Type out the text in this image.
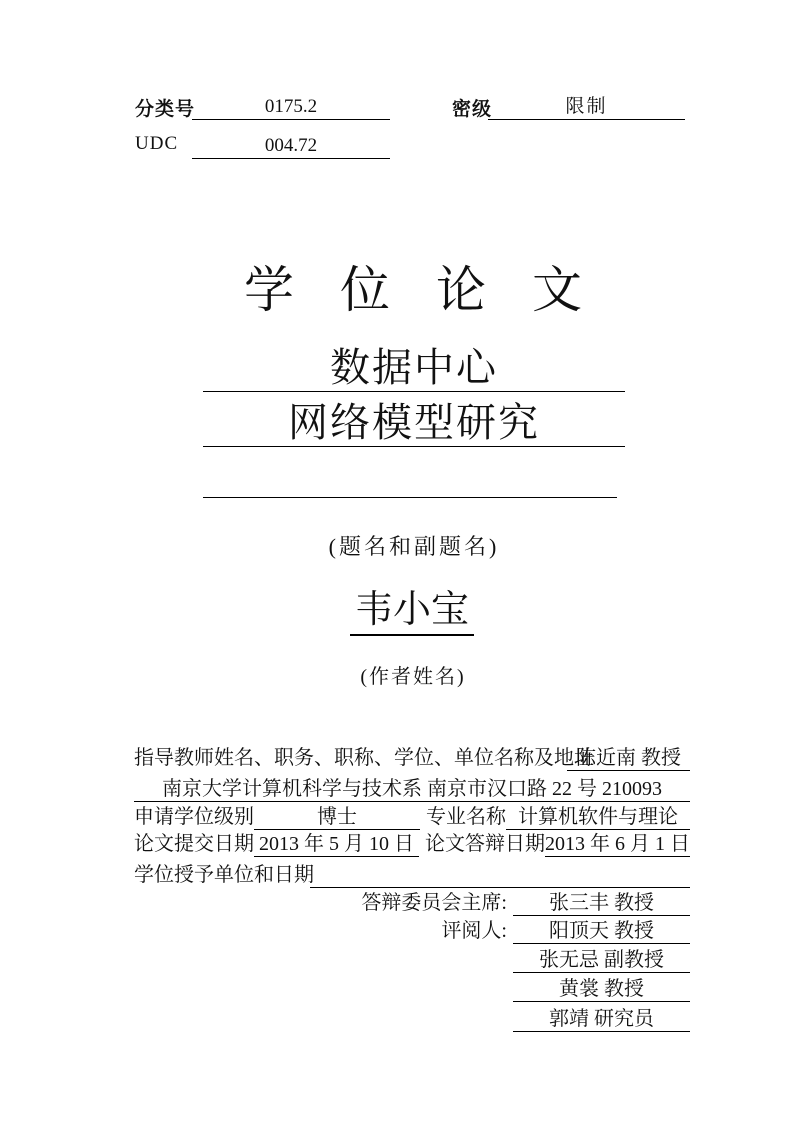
分类号	0175.2	密级	限制
UDC	004.72
学位论文
数据中心
网络模型研究
(题名和副题名)
韦小宝
(作者姓名)
指导教师姓名、职务、职称、学位、单位名称及地址
陈近南 教授
南京大学计算机科学与技术系 南京市汉口路 22 号 210093
申请学位级别	博士	专业名称 计算机软件与理论
论文提交日期 2013 年 5 月 10 日 论文答辩日期 2013 年 6 月 1 日
学位授予单位和日期
答辩委员会主席:	张三丰 教授
评阅人:	阳顶天 教授
张无忌 副教授
黄裳 教授
郭靖 研究员
